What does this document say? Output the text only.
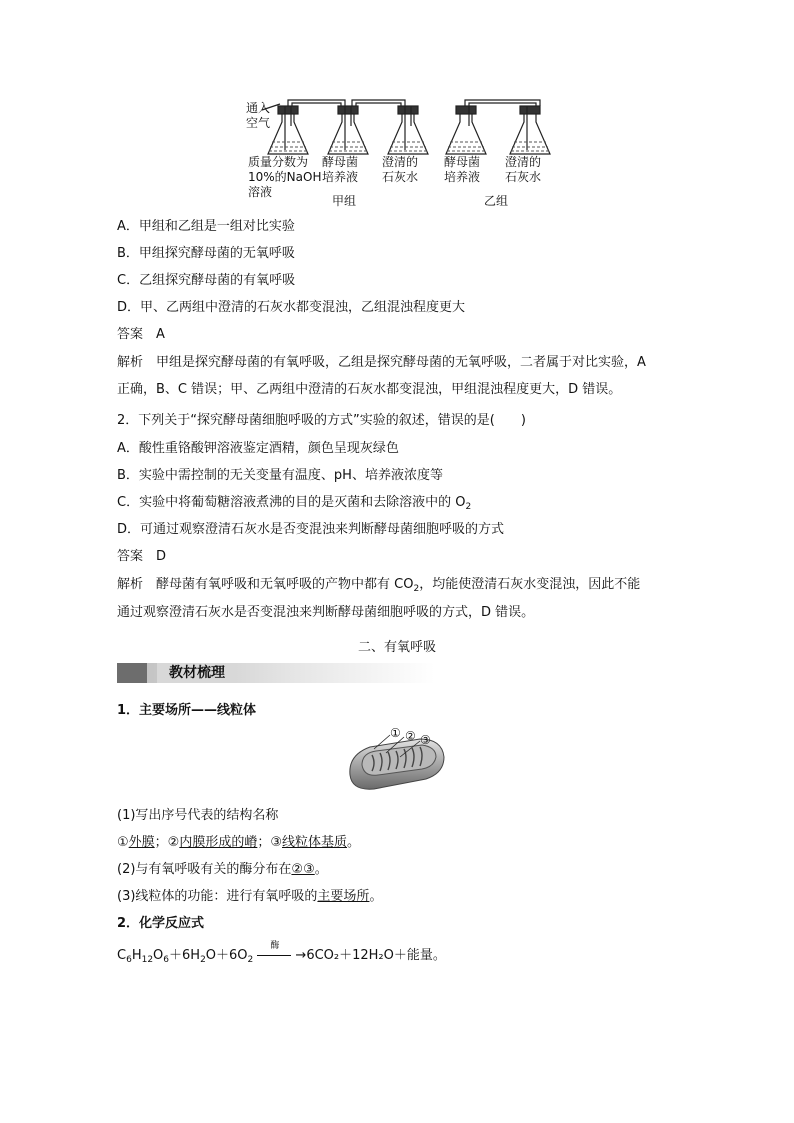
通入
空气
质量分数为
10%的NaOH
溶液
酵母菌
培养液
澄清的
石灰水
酵母菌
培养液
澄清的
石灰水
甲组	乙组
A．甲组和乙组是一组对比实验
B．甲组探究酵母菌的无氧呼吸
C．乙组探究酵母菌的有氧呼吸
D．甲、乙两组中澄清的石灰水都变混浊，乙组混浊程度更大
答案　A
解析　甲组是探究酵母菌的有氧呼吸，乙组是探究酵母菌的无氧呼吸，二者属于对比实验，A
正确，B、C 错误；甲、乙两组中澄清的石灰水都变混浊，甲组混浊程度更大，D 错误。
2．下列关于“探究酵母菌细胞呼吸的方式”实验的叙述，错误的是(　　)
A．酸性重铬酸钾溶液鉴定酒精，颜色呈现灰绿色
B．实验中需控制的无关变量有温度、pH、培养液浓度等
C．实验中将葡萄糖溶液煮沸的目的是灭菌和去除溶液中的 $O_2$
D．可通过观察澄清石灰水是否变混浊来判断酵母菌细胞呼吸的方式
答案　D
解析　酵母菌有氧呼吸和无氧呼吸的产物中都有 $CO_2$，均能使澄清石灰水变混浊，因此不能
通过观察澄清石灰水是否变混浊来判断酵母菌细胞呼吸的方式，D 错误。
二、有氧呼吸
教材梳理
1．主要场所——线粒体
① ② ③
(1)写出序号代表的结构名称
①外膜；②内膜形成的嵴；③线粒体基质。
(2)与有氧呼吸有关的酶分布在②③。
(3)线粒体的功能：进行有氧呼吸的主要场所。
2．化学反应式
$C_6H_{12}O_6+6H_2O+6O_2$
酶
→6CO₂＋12H₂O＋能量。
